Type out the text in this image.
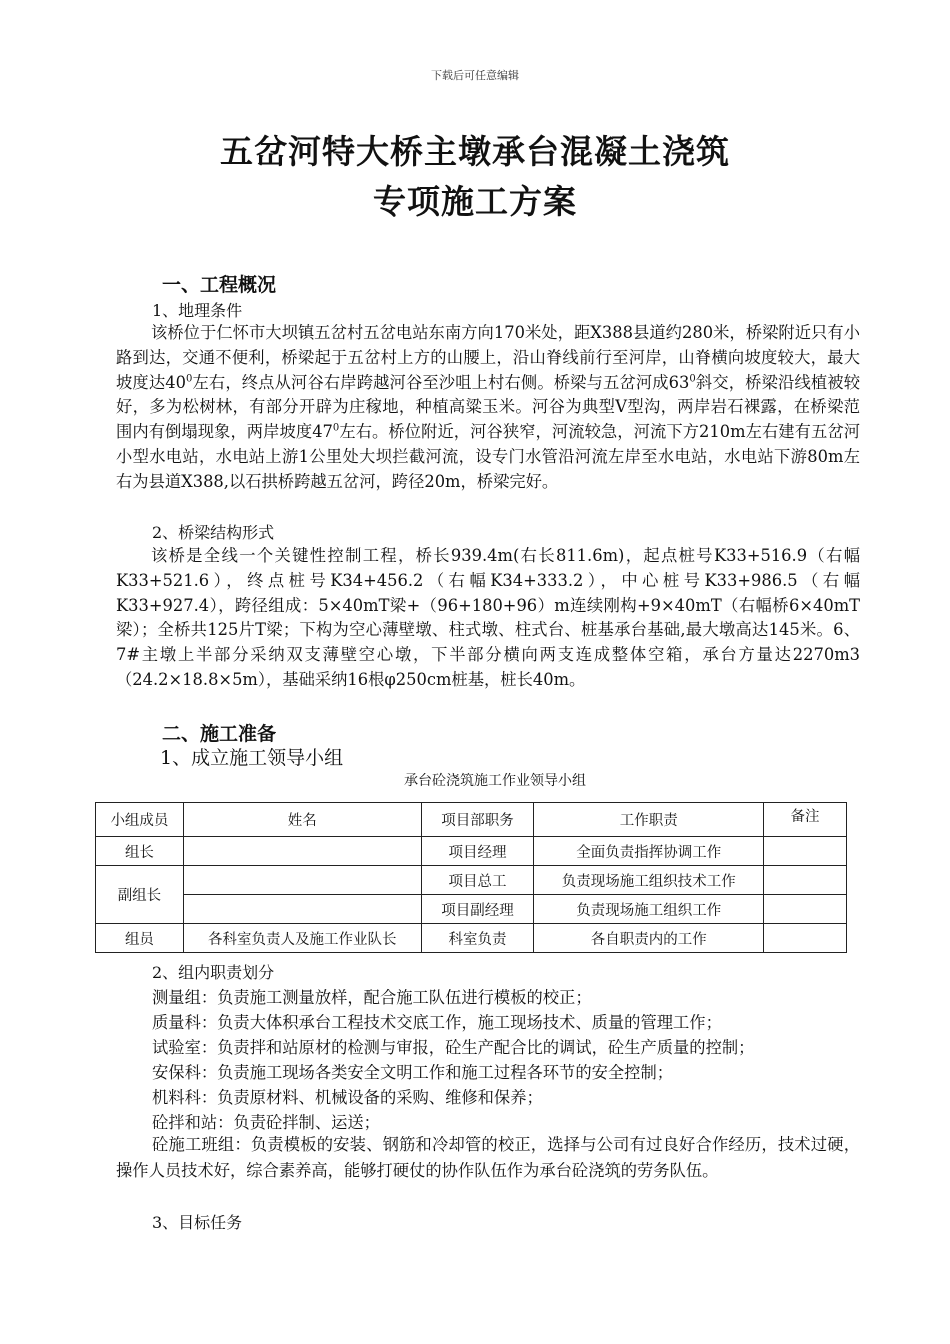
下载后可任意编辑
五岔河特大桥主墩承台混凝土浇筑
专项施工方案
一、工程概况
1、地理条件

该桥位于仁怀市大坝镇五岔村五岔电站东南方向170米处，距X388县道约280米，桥梁附近只有小路到达，交通不便利，桥梁起于五岔村上方的山腰上，沿山脊线前行至河岸，山脊横向坡度较大，最大坡度达$40^0$左右，终点从河谷右岸跨越河谷至沙咀上村右侧。桥梁与五岔河成$63^0$斜交，桥梁沿线植被较好，多为松树林，有部分开辟为庄稼地，种植高粱玉米。河谷为典型V型沟，两岸岩石裸露，在桥梁范围内有倒塌现象，两岸坡度$47^0$左右。桥位附近，河谷狭窄，河流较急，河流下方210m左右建有五岔河小型水电站，水电站上游1公里处大坝拦截河流，设专门水管沿河流左岸至水电站，水电站下游80m左右为县道X388,以石拱桥跨越五岔河，跨径20m，桥梁完好。

2、桥梁结构形式

该桥是全线一个关键性控制工程，桥长939.4m(右长811.6m)，起点桩号K33+516.9（右幅K33+521.6），终点桩号K34+456.2（右幅K34+333.2），中心桩号K33+986.5（右幅K33+927.4），跨径组成：5×40mT梁+（96+180+96）m连续刚构+9×40mT（右幅桥6×40mT梁）；全桥共125片T梁；下构为空心薄壁墩、柱式墩、柱式台、桩基承台基础,最大墩高达145米。6、7#主墩上半部分采纳双支薄壁空心墩，下半部分横向两支连成整体空箱，承台方量达2270m3（24.2×18.8×5m），基础采纳16根φ250cm桩基，桩长40m。

二、施工准备
1、成立施工领导小组
承台砼浇筑施工作业领导小组
小组成员	姓名	项目部职务	工作职责	备注
组长		项目经理	全面负责指挥协调工作	
副组长		项目总工	负责现场施工组织技术工作	
		项目副经理	负责现场施工组织工作	
组员	各科室负责人及施工作业队长	科室负责	各自职责内的工作	
2、组内职责划分
测量组：负责施工测量放样，配合施工队伍进行模板的校正；
质量科：负责大体积承台工程技术交底工作，施工现场技术、质量的管理工作；
试验室：负责拌和站原材的检测与审报，砼生产配合比的调试，砼生产质量的控制；
安保科：负责施工现场各类安全文明工作和施工过程各环节的安全控制；
机料科：负责原材料、机械设备的采购、维修和保养；
砼拌和站：负责砼拌制、运送；

砼施工班组：负责模板的安装、钢筋和冷却管的校正，选择与公司有过良好合作经历，技术过硬，操作人员技术好，综合素养高，能够打硬仗的协作队伍作为承台砼浇筑的劳务队伍。

3、目标任务
